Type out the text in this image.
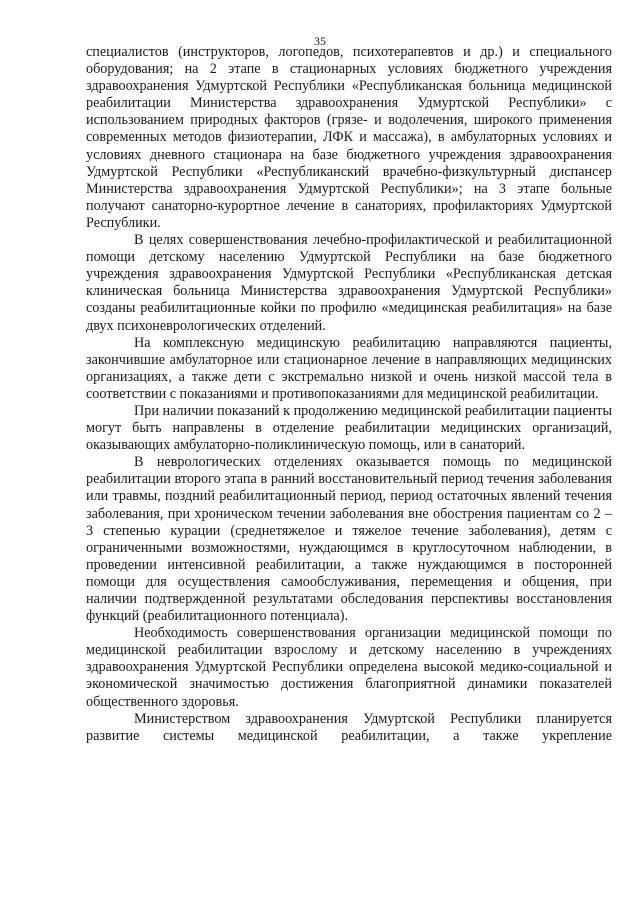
35

специалистов (инструкторов, логопедов, психотерапевтов и др.) и специального оборудования; на 2 этапе в стационарных условиях бюджетного учреждения здравоохранения Удмуртской Республики «Республиканская больница медицинской реабилитации Министерства здравоохранения Удмуртской Республики» с использованием природных факторов (грязе- и водолечения, широкого применения современных методов физиотерапии, ЛФК и массажа), в амбулаторных условиях и условиях дневного стационара на базе бюджетного учреждения здравоохранения Удмуртской Республики «Республиканский врачебно-физкультурный диспансер Министерства здравоохранения Удмуртской Республики»; на 3 этапе больные получают санаторно-курортное лечение в санаториях, профилакториях Удмуртской Республики.

В целях совершенствования лечебно-профилактической и реабилитационной помощи детскому населению Удмуртской Республики на базе бюджетного учреждения здравоохранения Удмуртской Республики «Республиканская детская клиническая больница Министерства здравоохранения Удмуртской Республики» созданы реабилитационные койки по профилю «медицинская реабилитация» на базе двух психоневрологических отделений.

На комплексную медицинскую реабилитацию направляются пациенты, закончившие амбулаторное или стационарное лечение в направляющих медицинских организациях, а также дети с экстремально низкой и очень низкой массой тела в соответствии с показаниями и противопоказаниями для медицинской реабилитации.

При наличии показаний к продолжению медицинской реабилитации пациенты могут быть направлены в отделение реабилитации медицинских организаций, оказывающих амбулаторно-поликлиническую помощь, или в санаторий.

В неврологических отделениях оказывается помощь по медицинской реабилитации второго этапа в ранний восстановительный период течения заболевания или травмы, поздний реабилитационный период, период остаточных явлений течения заболевания, при хроническом течении заболевания вне обострения пациентам со 2 – 3 степенью курации (среднетяжелое и тяжелое течение заболевания), детям с ограниченными возможностями, нуждающимся в круглосуточном наблюдении, в проведении интенсивной реабилитации, а также нуждающимся в посторонней помощи для осуществления самообслуживания, перемещения и общения, при наличии подтвержденной результатами обследования перспективы восстановления функций (реабилитационного потенциала).

Необходимость совершенствования организации медицинской помощи по медицинской реабилитации взрослому и детскому населению в учреждениях здравоохранения Удмуртской Республики определена высокой медико-социальной и экономической значимостью достижения благоприятной динамики показателей общественного здоровья.

Министерством здравоохранения Удмуртской Республики планируется развитие системы медицинской реабилитации, а также укрепление
